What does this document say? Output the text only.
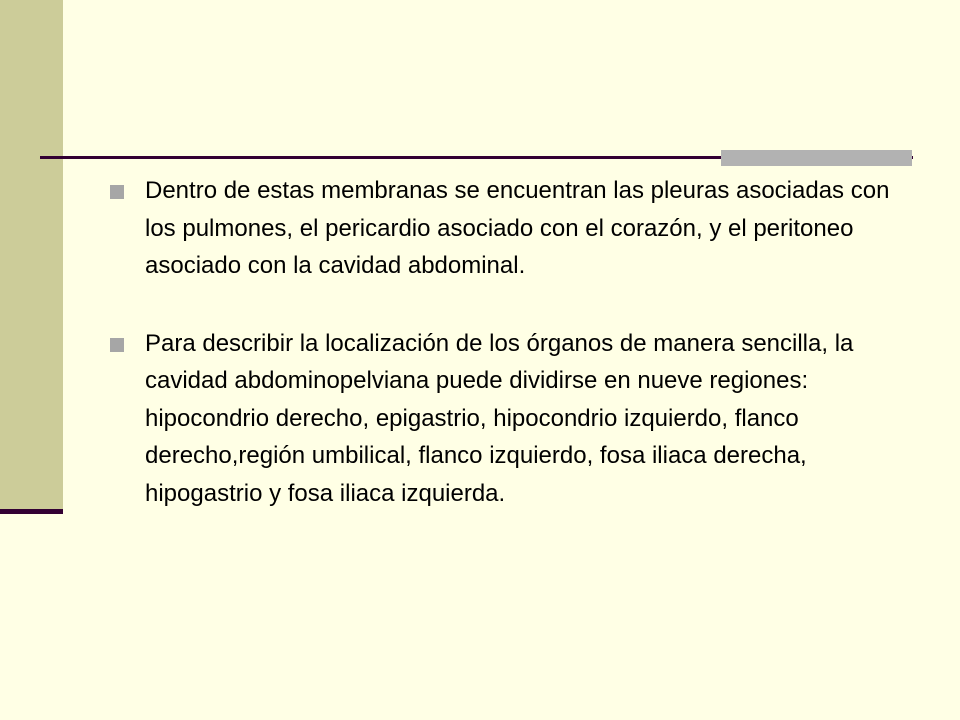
Dentro de estas membranas se encuentran las pleuras asociadas con los pulmones, el pericardio asociado con el corazón, y el peritoneo asociado con la cavidad abdominal.
Para describir la localización de los órganos de manera sencilla, la cavidad abdominopelviana puede dividirse en nueve regiones: hipocondrio derecho, epigastrio, hipocondrio izquierdo, flanco derecho,región umbilical, flanco izquierdo, fosa iliaca derecha, hipogastrio y fosa iliaca izquierda.
